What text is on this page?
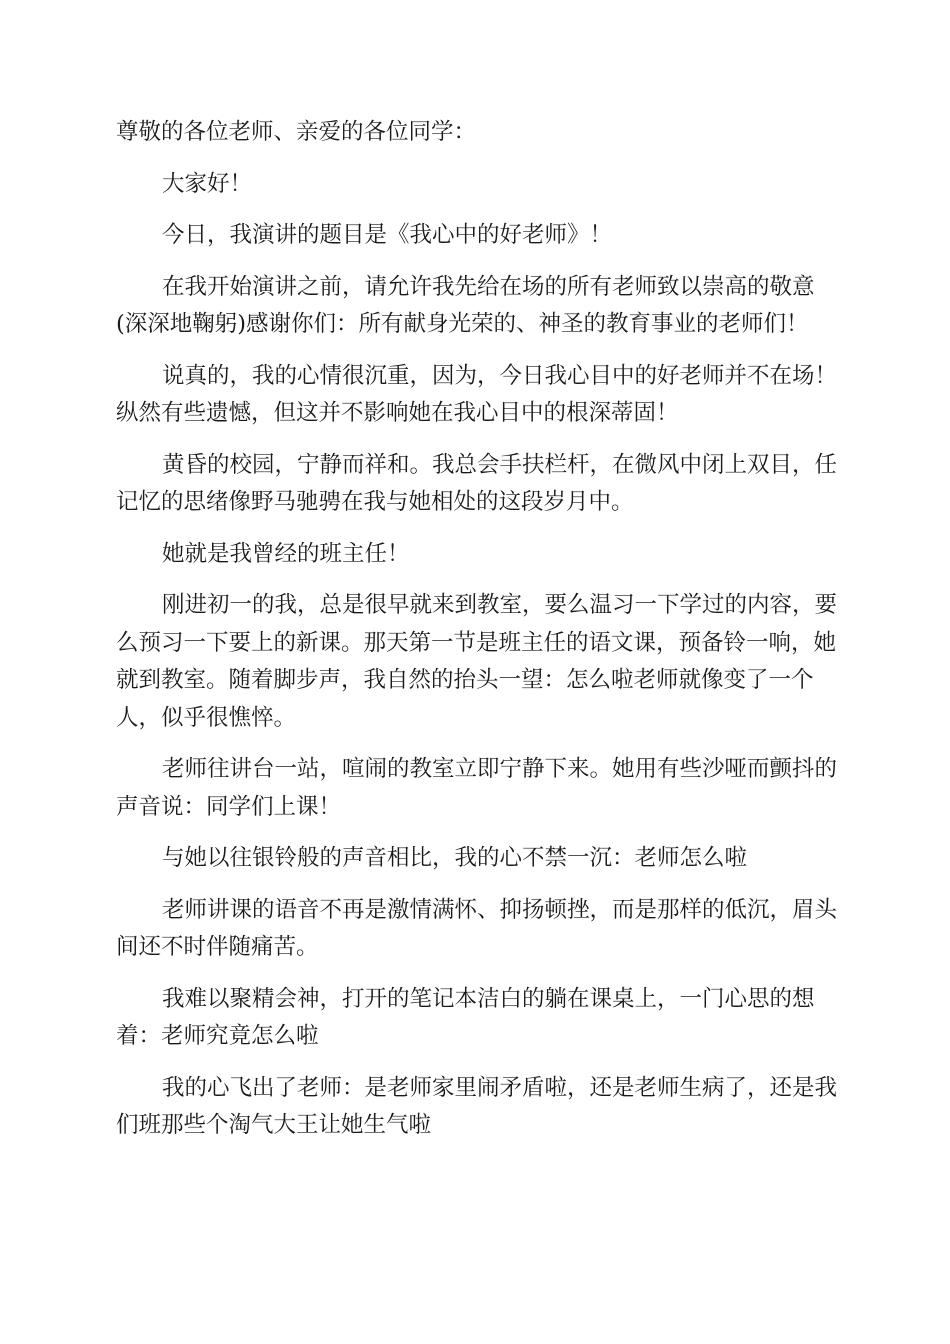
尊敬的各位老师、亲爱的各位同学：
大家好！
今日，我演讲的题目是《我心中的好老师》！
在我开始演讲之前，请允许我先给在场的所有老师致以崇高的敬意
(深深地鞠躬)感谢你们：所有献身光荣的、神圣的教育事业的老师们！
说真的，我的心情很沉重，因为，今日我心目中的好老师并不在场！
纵然有些遗憾，但这并不影响她在我心目中的根深蒂固！
黄昏的校园，宁静而祥和。我总会手扶栏杆，在微风中闭上双目，任
记忆的思绪像野马驰骋在我与她相处的这段岁月中。
她就是我曾经的班主任！
刚进初一的我，总是很早就来到教室，要么温习一下学过的内容，要
么预习一下要上的新课。那天第一节是班主任的语文课，预备铃一响，她
就到教室。随着脚步声，我自然的抬头一望：怎么啦老师就像变了一个
人，似乎很憔悴。
老师往讲台一站，喧闹的教室立即宁静下来。她用有些沙哑而颤抖的
声音说：同学们上课！
与她以往银铃般的声音相比，我的心不禁一沉：老师怎么啦
老师讲课的语音不再是激情满怀、抑扬顿挫，而是那样的低沉，眉头
间还不时伴随痛苦。
我难以聚精会神，打开的笔记本洁白的躺在课桌上，一门心思的想
着：老师究竟怎么啦
我的心飞出了老师：是老师家里闹矛盾啦，还是老师生病了，还是我
们班那些个淘气大王让她生气啦
